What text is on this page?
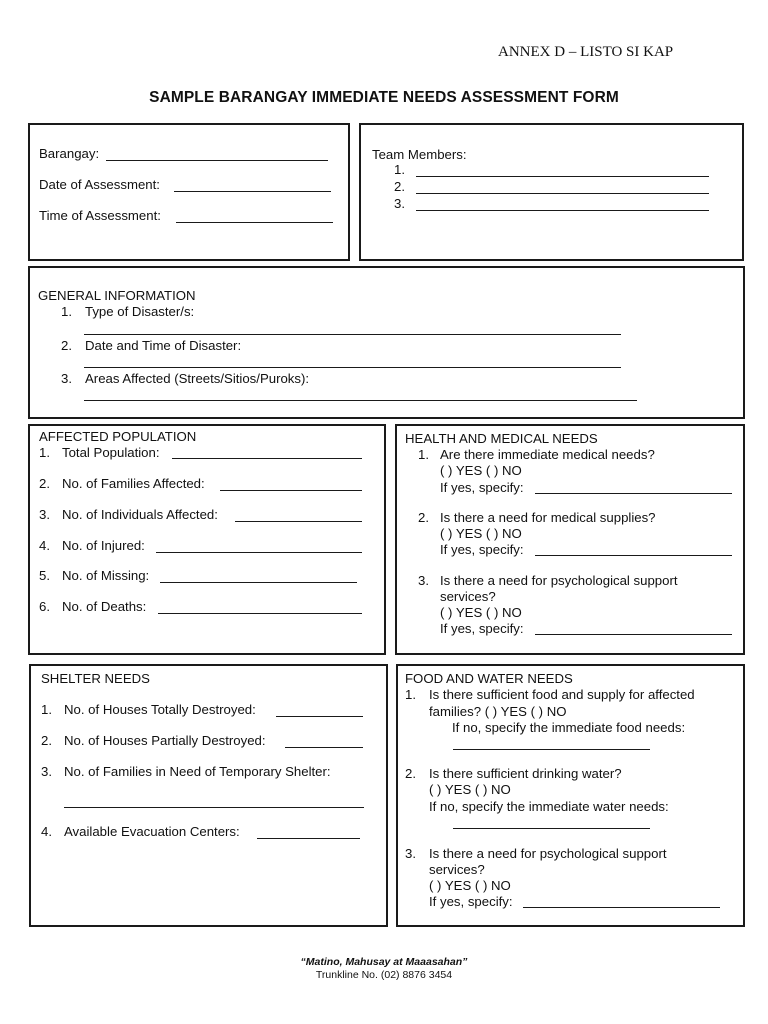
ANNEX D – LISTO SI KAP
SAMPLE BARANGAY IMMEDIATE NEEDS ASSESSMENT FORM
Barangay:
Date of Assessment:
Time of Assessment:
Team Members:
1.
2.
3.
GENERAL INFORMATION
1. Type of Disaster/s:
2. Date and Time of Disaster:
3. Areas Affected (Streets/Sitios/Puroks):
AFFECTED POPULATION
1. Total Population:
2. No. of Families Affected:
3. No. of Individuals Affected:
4. No. of Injured:
5. No. of Missing:
6. No. of Deaths:
HEALTH AND MEDICAL NEEDS
1. Are there immediate medical needs?
( ) YES ( ) NO
If yes, specify:
2. Is there a need for medical supplies?
( ) YES ( ) NO
If yes, specify:
3. Is there a need for psychological support
services?
( ) YES ( ) NO
If yes, specify:
SHELTER NEEDS
1. No. of Houses Totally Destroyed:
2. No. of Houses Partially Destroyed:
3. No. of Families in Need of Temporary Shelter:
4. Available Evacuation Centers:
FOOD AND WATER NEEDS
1. Is there sufficient food and supply for affected
families? ( ) YES ( ) NO
If no, specify the immediate food needs:
2. Is there sufficient drinking water?
( ) YES ( ) NO
If no, specify the immediate water needs:
3. Is there a need for psychological support
services?
( ) YES ( ) NO
If yes, specify:
“Matino, Mahusay at Maaasahan”
Trunkline No. (02) 8876 3454
